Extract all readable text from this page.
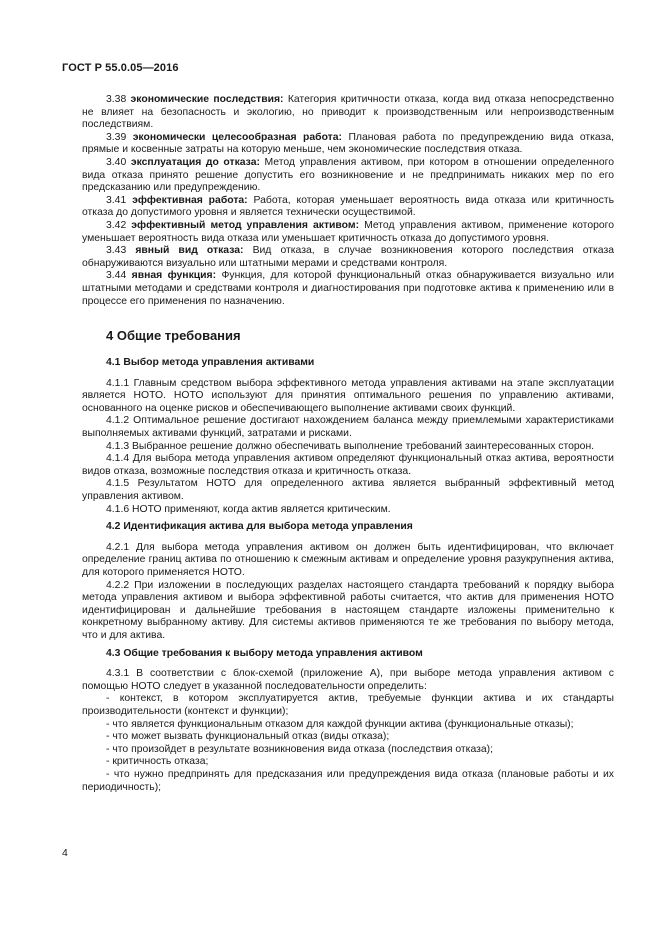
ГОСТ Р 55.0.05—2016

3.38 экономические последствия: Категория критичности отказа, когда вид отказа непосредственно не влияет на безопасность и экологию, но приводит к производственным или непроизводственным последствиям.

3.39 экономически целесообразная работа: Плановая работа по предупреждению вида отказа, прямые и косвенные затраты на которую меньше, чем экономические последствия отказа.

3.40 эксплуатация до отказа: Метод управления активом, при котором в отношении определенного вида отказа принято решение допустить его возникновение и не предпринимать никаких мер по его предсказанию или предупреждению.

3.41 эффективная работа: Работа, которая уменьшает вероятность вида отказа или критичность отказа до допустимого уровня и является технически осуществимой.

3.42 эффективный метод управления активом: Метод управления активом, применение которого уменьшает вероятность вида отказа или уменьшает критичность отказа до допустимого уровня.

3.43 явный вид отказа: Вид отказа, в случае возникновения которого последствия отказа обнаруживаются визуально или штатными мерами и средствами контроля.

3.44 явная функция: Функция, для которой функциональный отказ обнаруживается визуально или штатными методами и средствами контроля и диагностирования при подготовке актива к применению или в процессе его применения по назначению.

4 Общие требования
4.1 Выбор метода управления активами

4.1.1 Главным средством выбора эффективного метода управления активами на этапе эксплуатации является НОТО. НОТО используют для принятия оптимального решения по управлению активами, основанного на оценке рисков и обеспечивающего выполнение активами своих функций.

4.1.2 Оптимальное решение достигают нахождением баланса между приемлемыми характеристиками выполняемых активами функций, затратами и рисками.

4.1.3 Выбранное решение должно обеспечивать выполнение требований заинтересованных сторон.

4.1.4 Для выбора метода управления активом определяют функциональный отказ актива, вероятности видов отказа, возможные последствия отказа и критичность отказа.

4.1.5 Результатом НОТО для определенного актива является выбранный эффективный метод управления активом.

4.1.6 НОТО применяют, когда актив является критическим.

4.2 Идентификация актива для выбора метода управления

4.2.1 Для выбора метода управления активом он должен быть идентифицирован, что включает определение границ актива по отношению к смежным активам и определение уровня разукрупнения актива, для которого применяется НОТО.

4.2.2 При изложении в последующих разделах настоящего стандарта требований к порядку выбора метода управления активом и выбора эффективной работы считается, что актив для применения НОТО идентифицирован и дальнейшие требования в настоящем стандарте изложены применительно к конкретному выбранному активу. Для системы активов применяются те же требования по выбору метода, что и для актива.

4.3 Общие требования к выбору метода управления активом

4.3.1 В соответствии с блок-схемой (приложение А), при выборе метода управления активом с помощью НОТО следует в указанной последовательности определить:

- контекст, в котором эксплуатируется актив, требуемые функции актива и их стандарты производительности (контекст и функции);

- что является функциональным отказом для каждой функции актива (функциональные отказы);

- что может вызвать функциональный отказ (виды отказа);

- что произойдет в результате возникновения вида отказа (последствия отказа);

- критичность отказа;

- что нужно предпринять для предсказания или предупреждения вида отказа (плановые работы и их периодичность);

4
